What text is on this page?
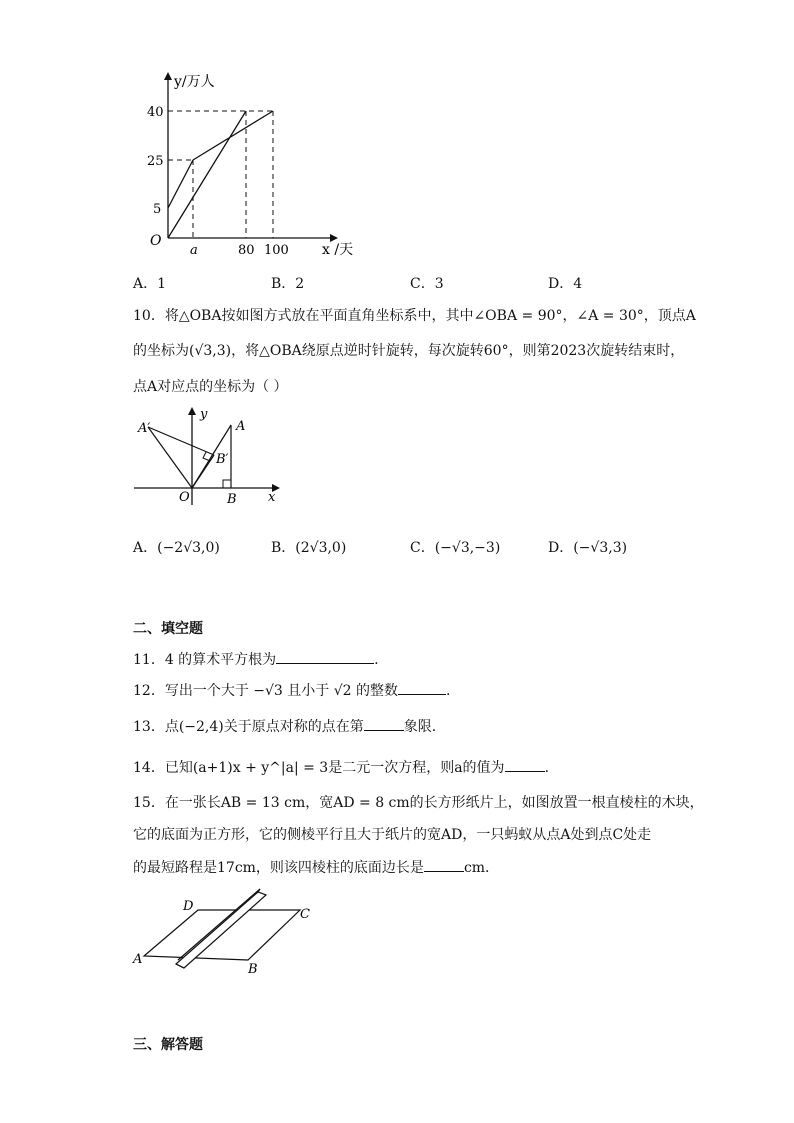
y/万人
x /天
O
40
25
5
a	80 100
A．1	B．2	C．3	D．4
10．将△OBA按如图方式放在平面直角坐标系中，其中∠OBA = 90°，∠A = 30°，顶点A
的坐标为(√3,3)，将△OBA绕原点逆时针旋转，每次旋转60°，则第2023次旋转结束时，
点A对应点的坐标为（ ）
A′
y
A
B′
O	B x
A．(−2√3,0)	B．(2√3,0)	C．(−√3,−3)	D．(−√3,3)
二、填空题
11．4 的算术平方根为	.
12．写出一个大于 −√3 且小于 √2 的整数	.
13．点(−2,4)关于原点对称的点在第	象限.
14．已知(a+1)x + y^|a| = 3是二元一次方程，则a的值为	.
15．在一张长AB = 13 cm，宽AD = 8 cm的长方形纸片上，如图放置一根直棱柱的木块，
它的底面为正方形，它的侧棱平行且大于纸片的宽AD，一只蚂蚁从点A处到点C处走
的最短路程是17cm，则该四棱柱的底面边长是	cm.
D
C
A
B
三、解答题
